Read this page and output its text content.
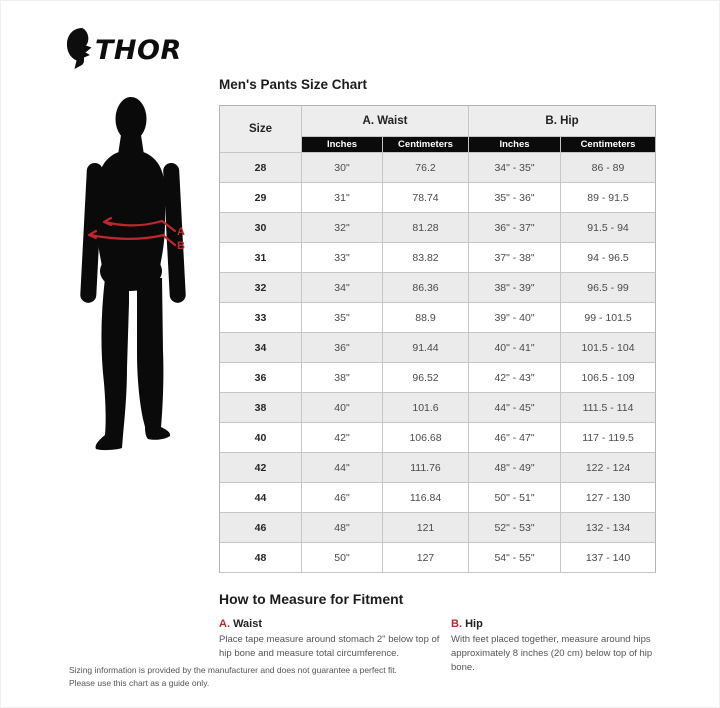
THOR
A
B
Men's Pants Size Chart
Size	A. Waist		B. Hip	
	Inches	Centimeters	Inches	Centimeters
28	30"	76.2	34" - 35"	86 - 89
29	31"	78.74	35" - 36"	89 - 91.5
30	32"	81.28	36" - 37"	91.5 - 94
31	33"	83.82	37" - 38"	94 - 96.5
32	34"	86.36	38" - 39"	96.5 - 99
33	35"	88.9	39" - 40"	99 - 101.5
34	36"	91.44	40" - 41"	101.5 - 104
36	38"	96.52	42" - 43"	106.5 - 109
38	40"	101.6	44" - 45"	111.5 - 114
40	42"	106.68	46" - 47"	117 - 119.5
42	44"	111.76	48" - 49"	122 - 124
44	46"	116.84	50" - 51"	127 - 130
46	48"	121	52" - 53"	132 - 134
48	50"	127	54" - 55"	137 - 140
How to Measure for Fitment
A. Waist
Place tape measure around stomach 2" below top of hip bone and measure total circumference.
B. Hip
With feet placed together, measure around hips approximately 8 inches (20 cm) below top of hip bone.
Sizing information is provided by the manufacturer and does not guarantee a perfect fit.
Please use this chart as a guide only.
